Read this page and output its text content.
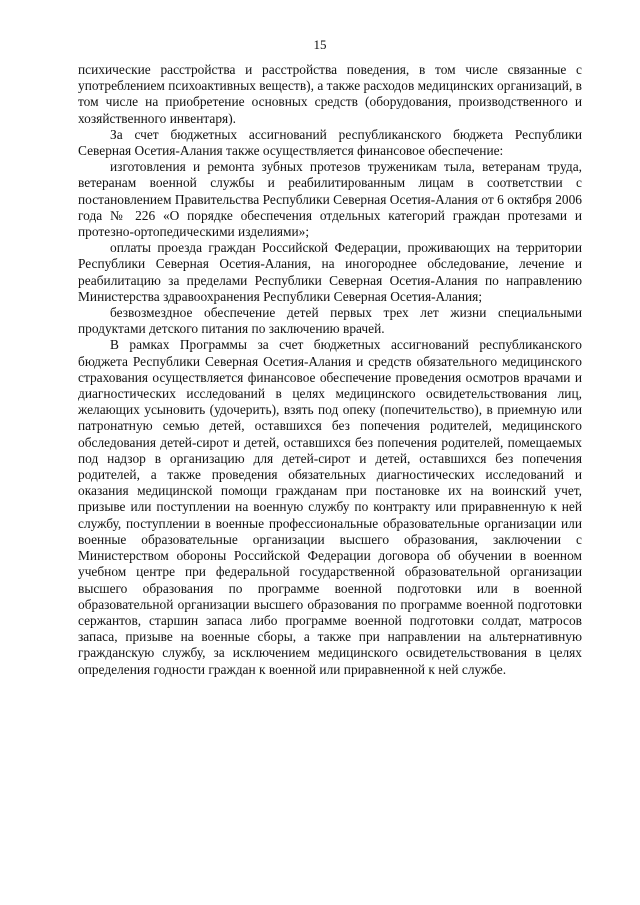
15

психические расстройства и расстройства поведения, в том числе связанные с употреблением психоактивных веществ), а также расходов медицинских организаций, в том числе на приобретение основных средств (оборудования, производственного и хозяйственного инвентаря).

За счет бюджетных ассигнований республиканского бюджета Республики Северная Осетия-Алания также осуществляется финансовое обеспечение:

изготовления и ремонта зубных протезов труженикам тыла, ветеранам труда, ветеранам военной службы и реабилитированным лицам в соответствии с постановлением Правительства Республики Северная Осетия-Алания от 6 октября 2006 года № 226 «О порядке обеспечения отдельных категорий граждан протезами и протезно-ортопедическими изделиями»;

оплаты проезда граждан Российской Федерации, проживающих на территории Республики Северная Осетия-Алания, на иногороднее обследование, лечение и реабилитацию за пределами Республики Северная Осетия-Алания по направлению Министерства здравоохранения Республики Северная Осетия-Алания;

безвозмездное обеспечение детей первых трех лет жизни специальными продуктами детского питания по заключению врачей.

В рамках Программы за счет бюджетных ассигнований республиканского бюджета Республики Северная Осетия-Алания и средств обязательного медицинского страхования осуществляется финансовое обеспечение проведения осмотров врачами и диагностических исследований в целях медицинского освидетельствования лиц, желающих усыновить (удочерить), взять под опеку (попечительство), в приемную или патронатную семью детей, оставшихся без попечения родителей, медицинского обследования детей-сирот и детей, оставшихся без попечения родителей, помещаемых под надзор в организацию для детей-сирот и детей, оставшихся без попечения родителей, а также проведения обязательных диагностических исследований и оказания медицинской помощи гражданам при постановке их на воинский учет, призыве или поступлении на военную службу по контракту или приравненную к ней службу, поступлении в военные профессиональные образовательные организации или военные образовательные организации высшего образования, заключении с Министерством обороны Российской Федерации договора об обучении в военном учебном центре при федеральной государственной образовательной организации высшего образования по программе военной подготовки или в военной образовательной организации высшего образования по программе военной подготовки сержантов, старшин запаса либо программе военной подготовки солдат, матросов запаса, призыве на военные сборы, а также при направлении на альтернативную гражданскую службу, за исключением медицинского освидетельствования в целях определения годности граждан к военной или приравненной к ней службе.
